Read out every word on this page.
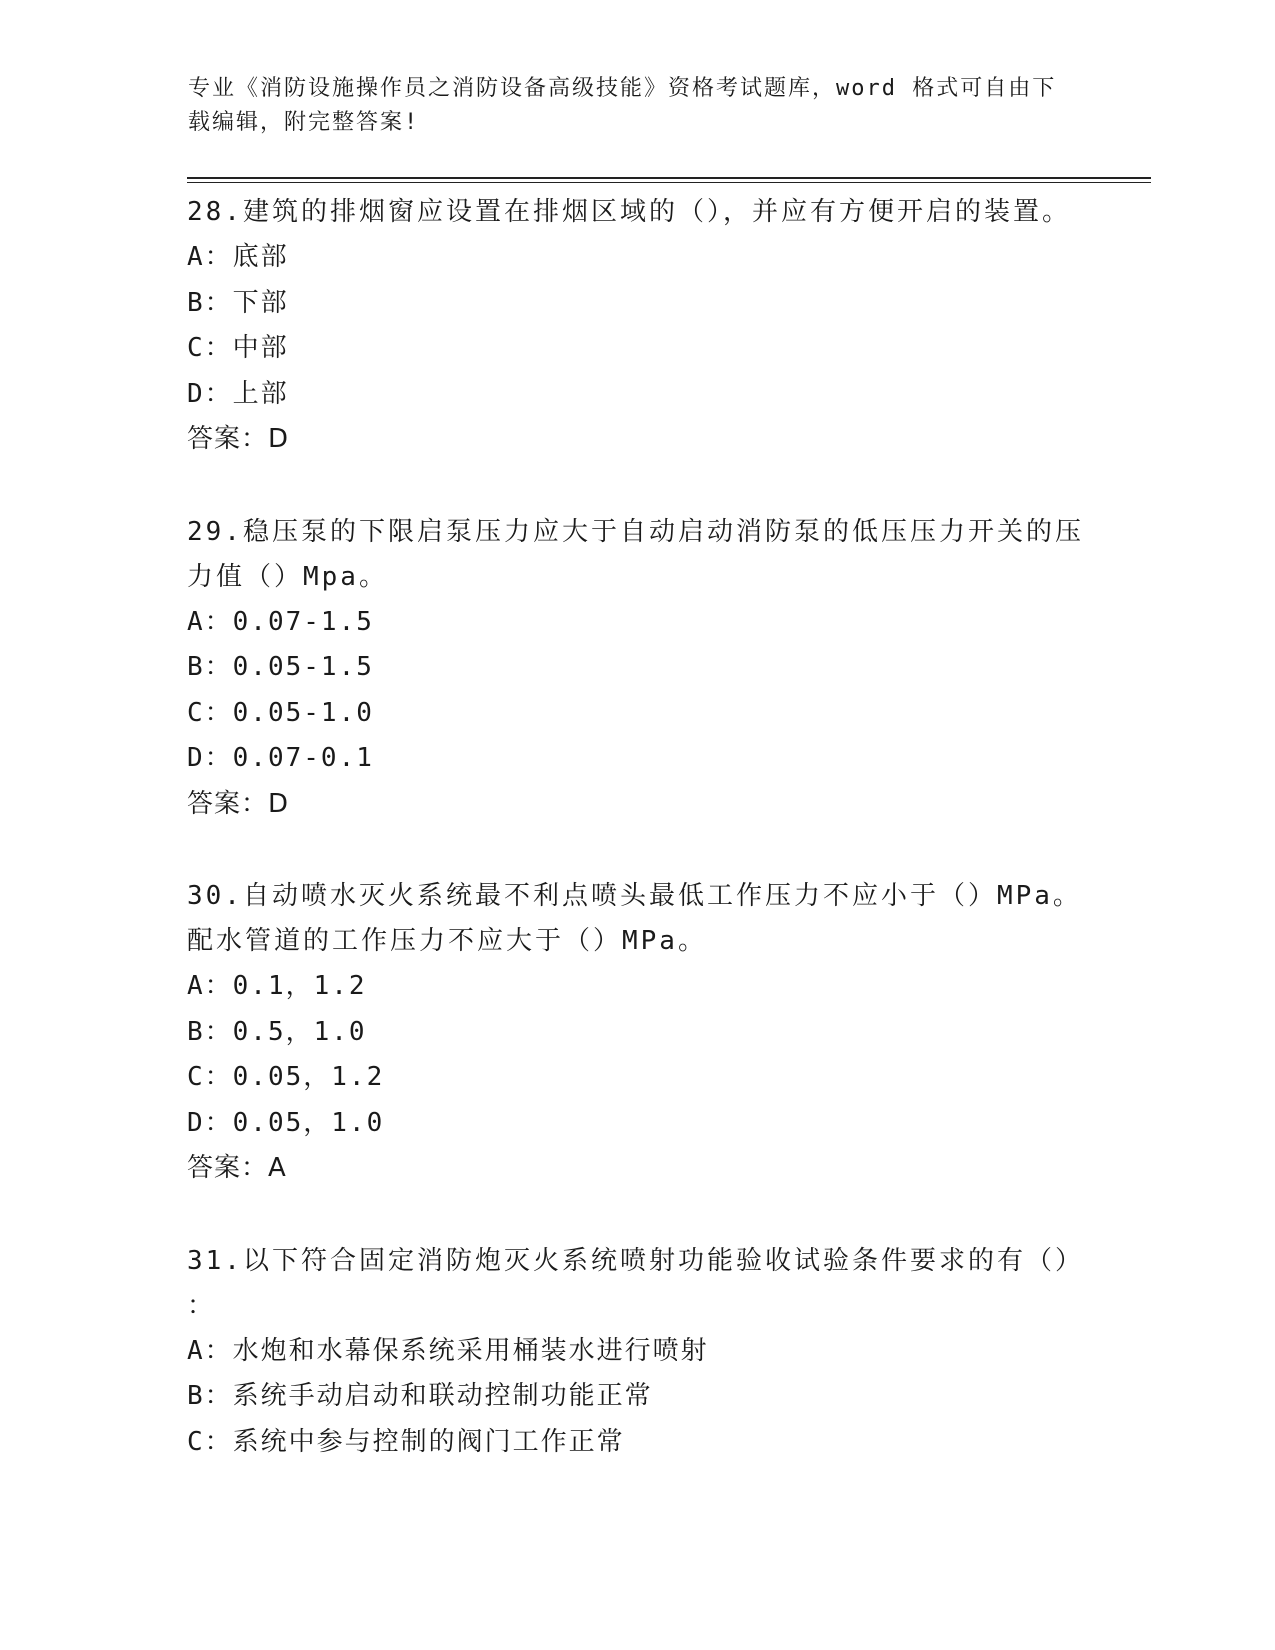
专业《消防设施操作员之消防设备高级技能》资格考试题库，word 格式可自由下
载编辑，附完整答案!
28.建筑的排烟窗应设置在排烟区域的（），并应有方便开启的装置。
A：底部
B：下部
C：中部
D：上部
答案：D
29.稳压泵的下限启泵压力应大于自动启动消防泵的低压压力开关的压
力值（）Mpa。
A：0.07-1.5
B：0.05-1.5
C：0.05-1.0
D：0.07-0.1
答案：D
30.自动喷水灭火系统最不利点喷头最低工作压力不应小于（）MPa。
配水管道的工作压力不应大于（）MPa。
A：0.1，1.2
B：0.5，1.0
C：0.05，1.2
D：0.05，1.0
答案：A
31.以下符合固定消防炮灭火系统喷射功能验收试验条件要求的有（）
：
A：水炮和水幕保系统采用桶装水进行喷射
B：系统手动启动和联动控制功能正常
C：系统中参与控制的阀门工作正常
